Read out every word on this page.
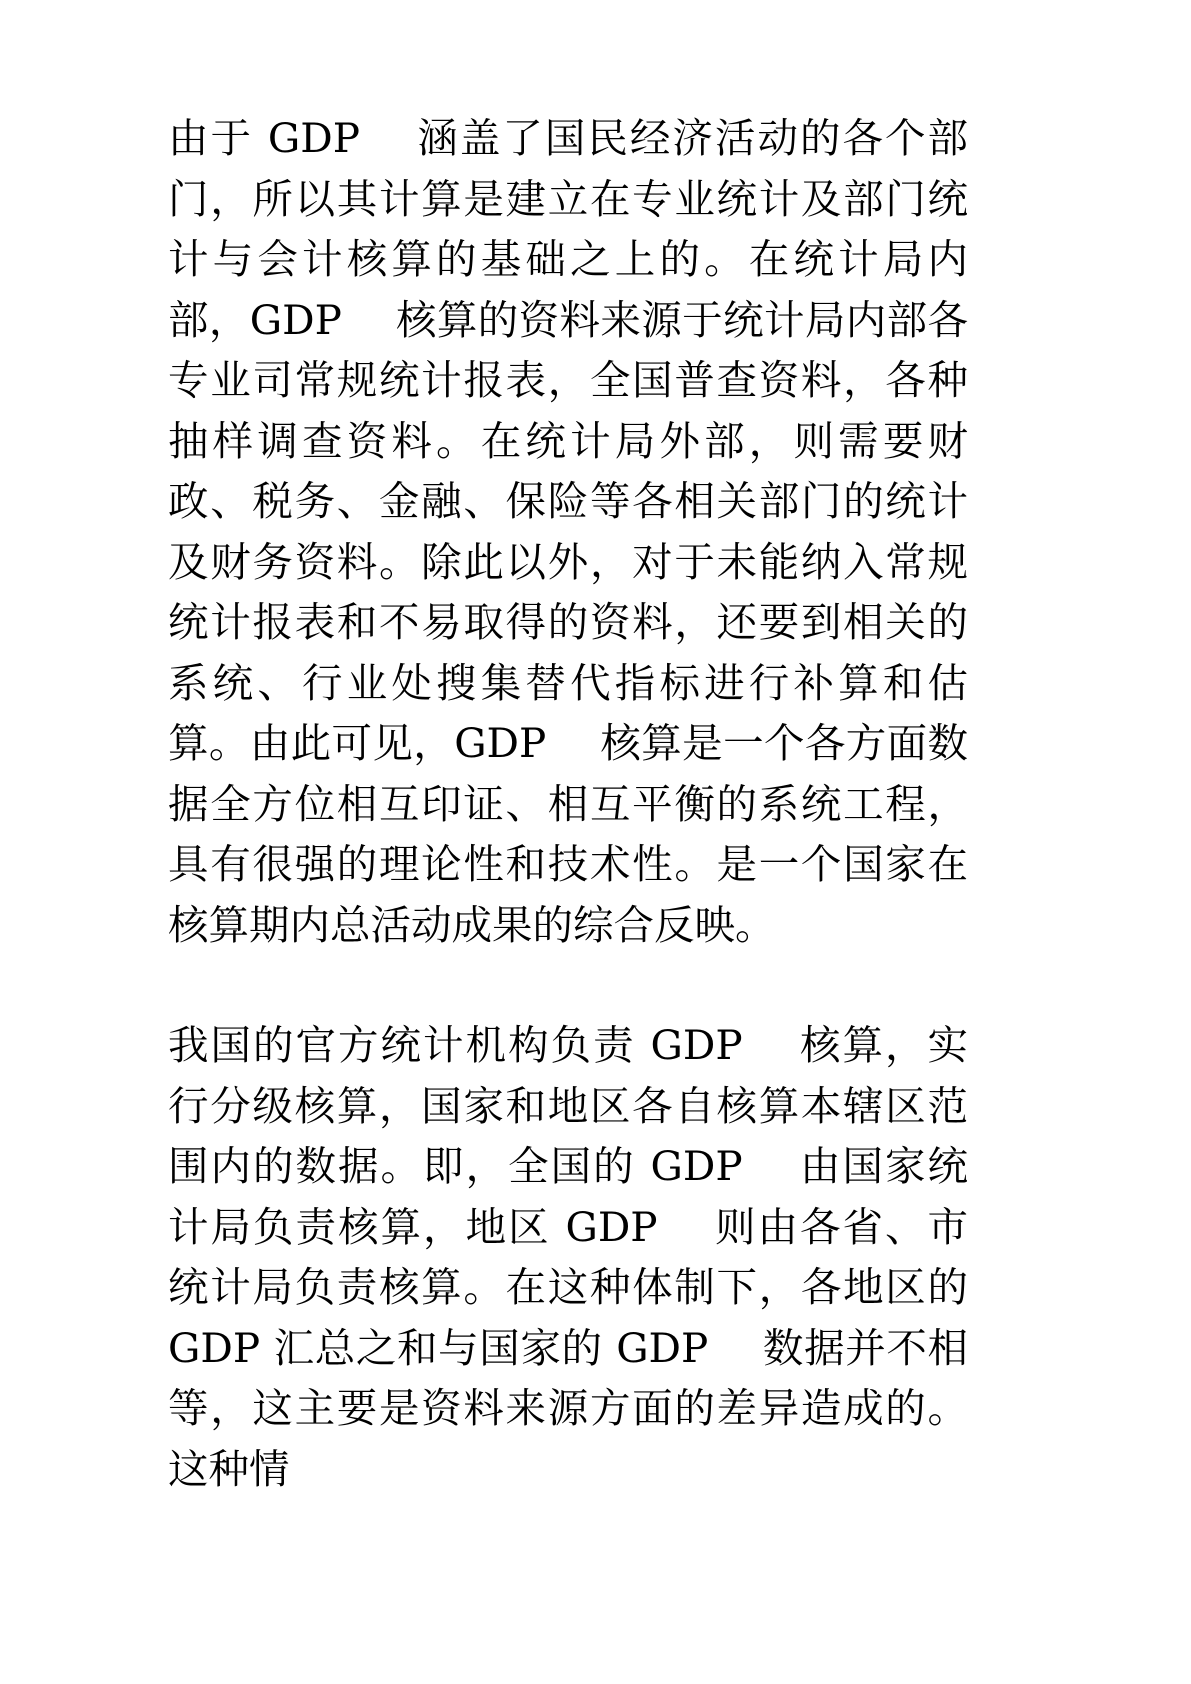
由于 GDP 　涵盖了国民经济活动的各个部门，所以其计算是建立在专业统计及部门统计与会计核算的基础之上的。在统计局内部，GDP 　核算的资料来源于统计局内部各专业司常规统计报表，全国普查资料，各种抽样调查资料。在统计局外部，则需要财政、税务、金融、保险等各相关部门的统计及财务资料。除此以外，对于未能纳入常规统计报表和不易取得的资料，还要到相关的系统、行业处搜集替代指标进行补算和估算。由此可见，GDP 　核算是一个各方面数据全方位相互印证、相互平衡的系统工程，具有很强的理论性和技术性。是一个国家在核算期内总活动成果的综合反映。

我国的官方统计机构负责 GDP 　核算，实行分级核算，国家和地区各自核算本辖区范围内的数据。即，全国的 GDP 　由国家统计局负责核算，地区 GDP 　则由各省、市统计局负责核算。在这种体制下，各地区的 GDP 汇总之和与国家的 GDP 　数据并不相等，这主要是资料来源方面的差异造成的。这种情
